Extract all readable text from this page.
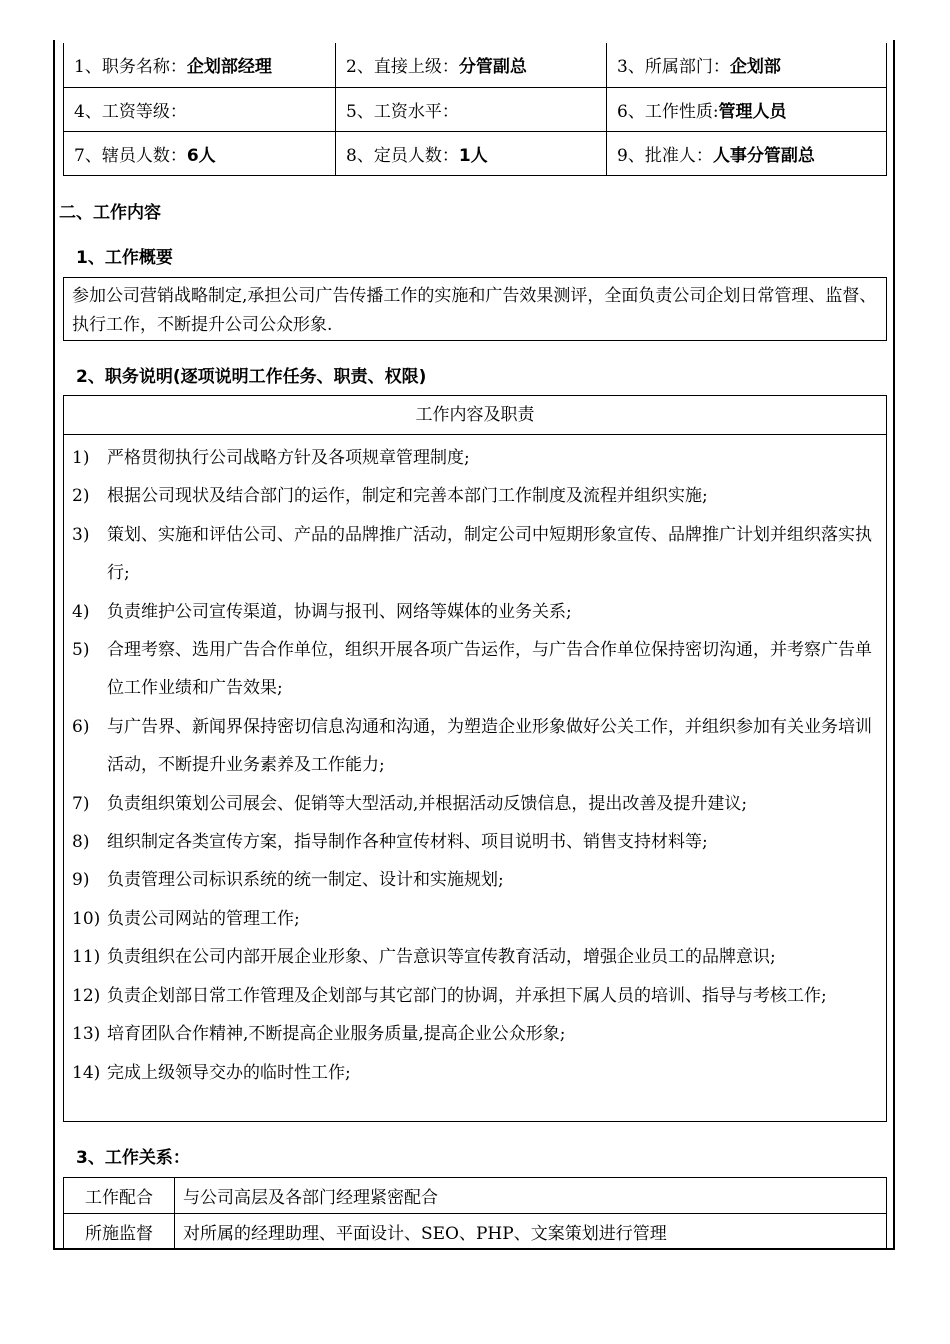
1、职务名称：企划部经理	2、直接上级：分管副总	3、所属部门：企划部
4、工资等级：	5、工资水平：	6、工作性质:管理人员
7、辖员人数：6人	8、定员人数：1人	9、批准人：人事分管副总
二、工作内容
1、工作概要
参加公司营销战略制定,承担公司广告传播工作的实施和广告效果测评，全面负责公司企划日常管理、监督、执行工作，不断提升公司公众形象.
2、职务说明(逐项说明工作任务、职责、权限)
工作内容及职责
1)	严格贯彻执行公司战略方针及各项规章管理制度;
2)	根据公司现状及结合部门的运作，制定和完善本部门工作制度及流程并组织实施;
3)	策划、实施和评估公司、产品的品牌推广活动，制定公司中短期形象宣传、品牌推广计划并组织落实执行;
4)	负责维护公司宣传渠道，协调与报刊、网络等媒体的业务关系;
5)	合理考察、选用广告合作单位，组织开展各项广告运作，与广告合作单位保持密切沟通，并考察广告单位工作业绩和广告效果;
6)	与广告界、新闻界保持密切信息沟通和沟通，为塑造企业形象做好公关工作，并组织参加有关业务培训活动，不断提升业务素养及工作能力;
7)	负责组织策划公司展会、促销等大型活动,并根据活动反馈信息，提出改善及提升建议;
8)	组织制定各类宣传方案，指导制作各种宣传材料、项目说明书、销售支持材料等;
9)	负责管理公司标识系统的统一制定、设计和实施规划;
10) 负责公司网站的管理工作;
11) 负责组织在公司内部开展企业形象、广告意识等宣传教育活动，增强企业员工的品牌意识;
12) 负责企划部日常工作管理及企划部与其它部门的协调，并承担下属人员的培训、指导与考核工作;
13) 培育团队合作精神,不断提高企业服务质量,提高企业公众形象;
14) 完成上级领导交办的临时性工作;
3、工作关系：
工作配合	与公司高层及各部门经理紧密配合
所施监督	对所属的经理助理、平面设计、SEO、PHP、文案策划进行管理
